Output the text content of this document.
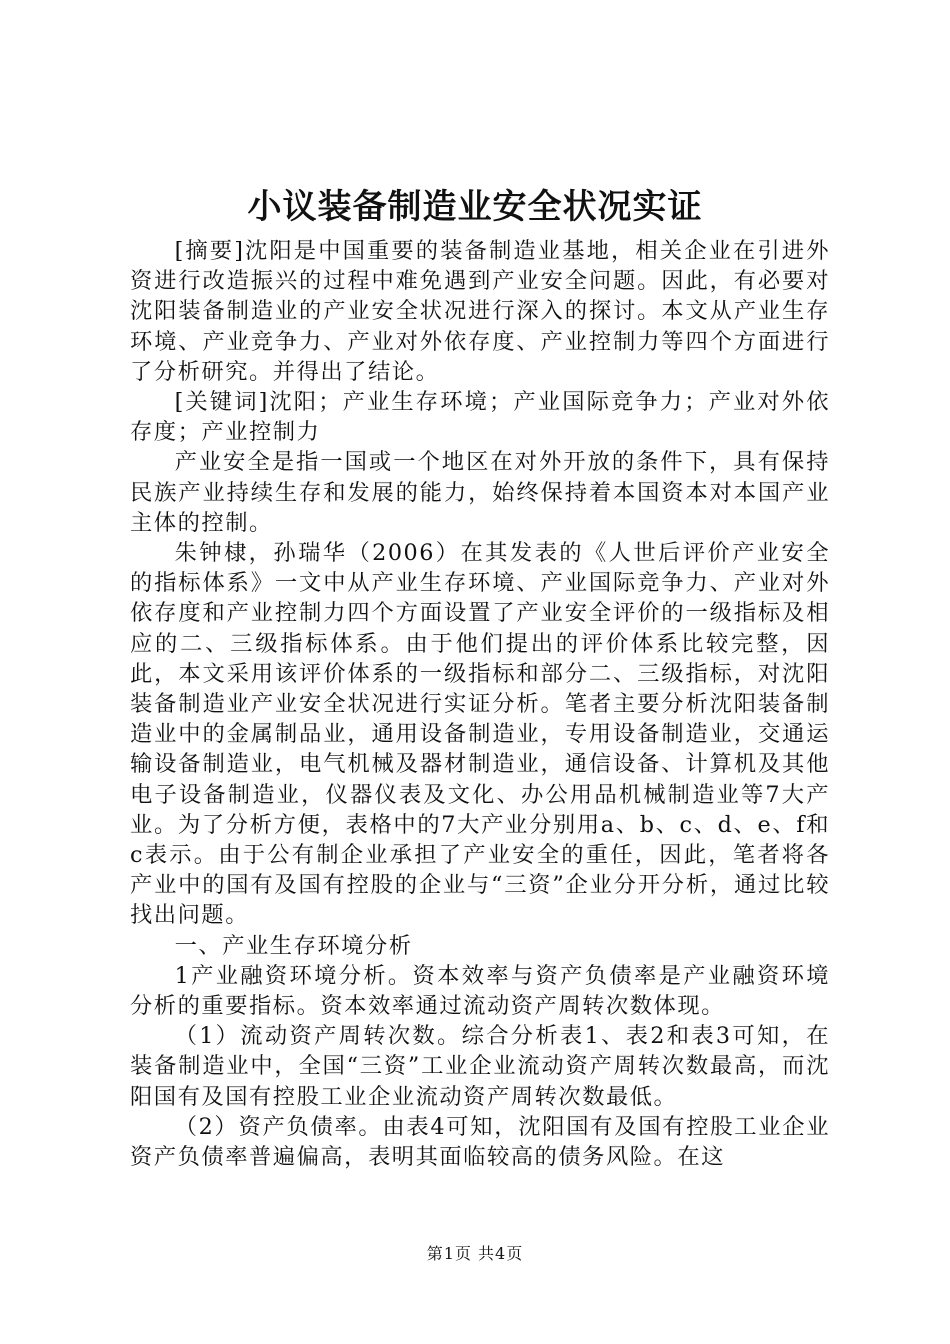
小议装备制造业安全状况实证

[摘要]沈阳是中国重要的装备制造业基地，相关企业在引进外资进行改造振兴的过程中难免遇到产业安全问题。因此，有必要对沈阳装备制造业的产业安全状况进行深入的探讨。本文从产业生存环境、产业竞争力、产业对外依存度、产业控制力等四个方面进行了分析研究。并得出了结论。

[关键词]沈阳；产业生存环境；产业国际竞争力；产业对外依存度；产业控制力

产业安全是指一国或一个地区在对外开放的条件下，具有保持民族产业持续生存和发展的能力，始终保持着本国资本对本国产业主体的控制。

朱钟棣，孙瑞华（2006）在其发表的《人世后评价产业安全的指标体系》一文中从产业生存环境、产业国际竞争力、产业对外依存度和产业控制力四个方面设置了产业安全评价的一级指标及相应的二、三级指标体系。由于他们提出的评价体系比较完整，因此，本文采用该评价体系的一级指标和部分二、三级指标，对沈阳装备制造业产业安全状况进行实证分析。笔者主要分析沈阳装备制造业中的金属制品业，通用设备制造业，专用设备制造业，交通运输设备制造业，电气机械及器材制造业，通信设备、计算机及其他电子设备制造业，仪器仪表及文化、办公用品机械制造业等7大产业。为了分析方便，表格中的7大产业分别用a、b、c、d、e、f和c表示。由于公有制企业承担了产业安全的重任，因此，笔者将各产业中的国有及国有控股的企业与“三资”企业分开分析，通过比较找出问题。

一、产业生存环境分析

1产业融资环境分析。资本效率与资产负债率是产业融资环境分析的重要指标。资本效率通过流动资产周转次数体现。

（1）流动资产周转次数。综合分析表1、表2和表3可知，在装备制造业中，全国“三资”工业企业流动资产周转次数最高，而沈阳国有及国有控股工业企业流动资产周转次数最低。

（2）资产负债率。由表4可知，沈阳国有及国有控股工业企业资产负债率普遍偏高，表明其面临较高的债务风险。在这

第1页 共4页
